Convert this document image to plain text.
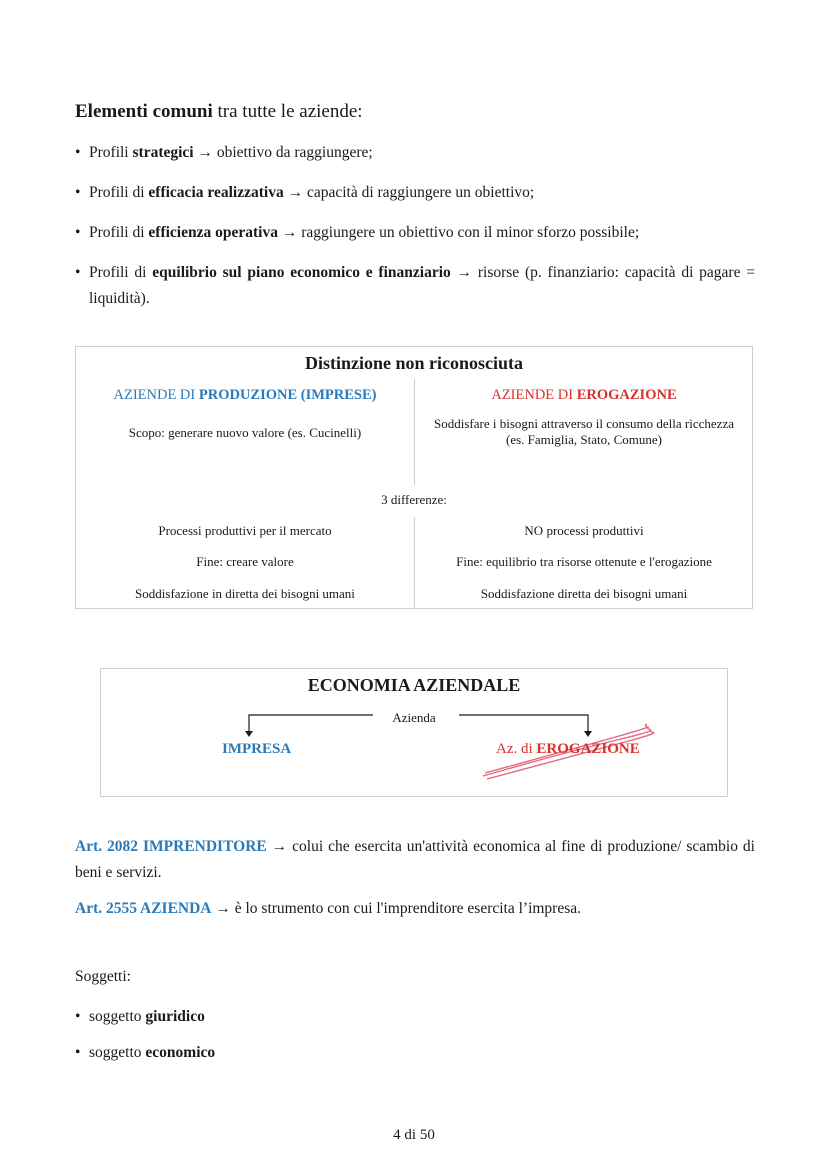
Elementi comuni tra tutte le aziende:
• Profili strategici → obiettivo da raggiungere;
• Profili di efficacia realizzativa → capacità di raggiungere un obiettivo;
• Profili di efficienza operativa → raggiungere un obiettivo con il minor sforzo possibile;
• Profili di equilibrio sul piano economico e finanziario → risorse (p. finanziario: capacità di pagare = liquidità).
Distinzione non riconosciuta
AZIENDE DI PRODUZIONE (IMPRESE)	AZIENDE DI EROGAZIONE
Scopo: generare nuovo valore (es. Cucinelli)
Soddisfare i bisogni attraverso il consumo della ricchezza
(es. Famiglia, Stato, Comune)
3 differenze:
Processi produttivi per il mercato
Fine: creare valore
Soddisfazione in diretta dei bisogni umani
NO processi produttivi
Fine: equilibrio tra risorse ottenute e l'erogazione
Soddisfazione diretta dei bisogni umani
ECONOMIA AZIENDALE
Azienda
IMPRESA	Az. di EROGAZIONE
Art. 2082 IMPRENDITORE → colui che esercita un'attività economica al fine di produzione/ scambio di beni e servizi.
Art. 2555 AZIENDA → è lo strumento con cui l'imprenditore esercita l’impresa.
Soggetti:
• soggetto giuridico
• soggetto economico
4 di 50
